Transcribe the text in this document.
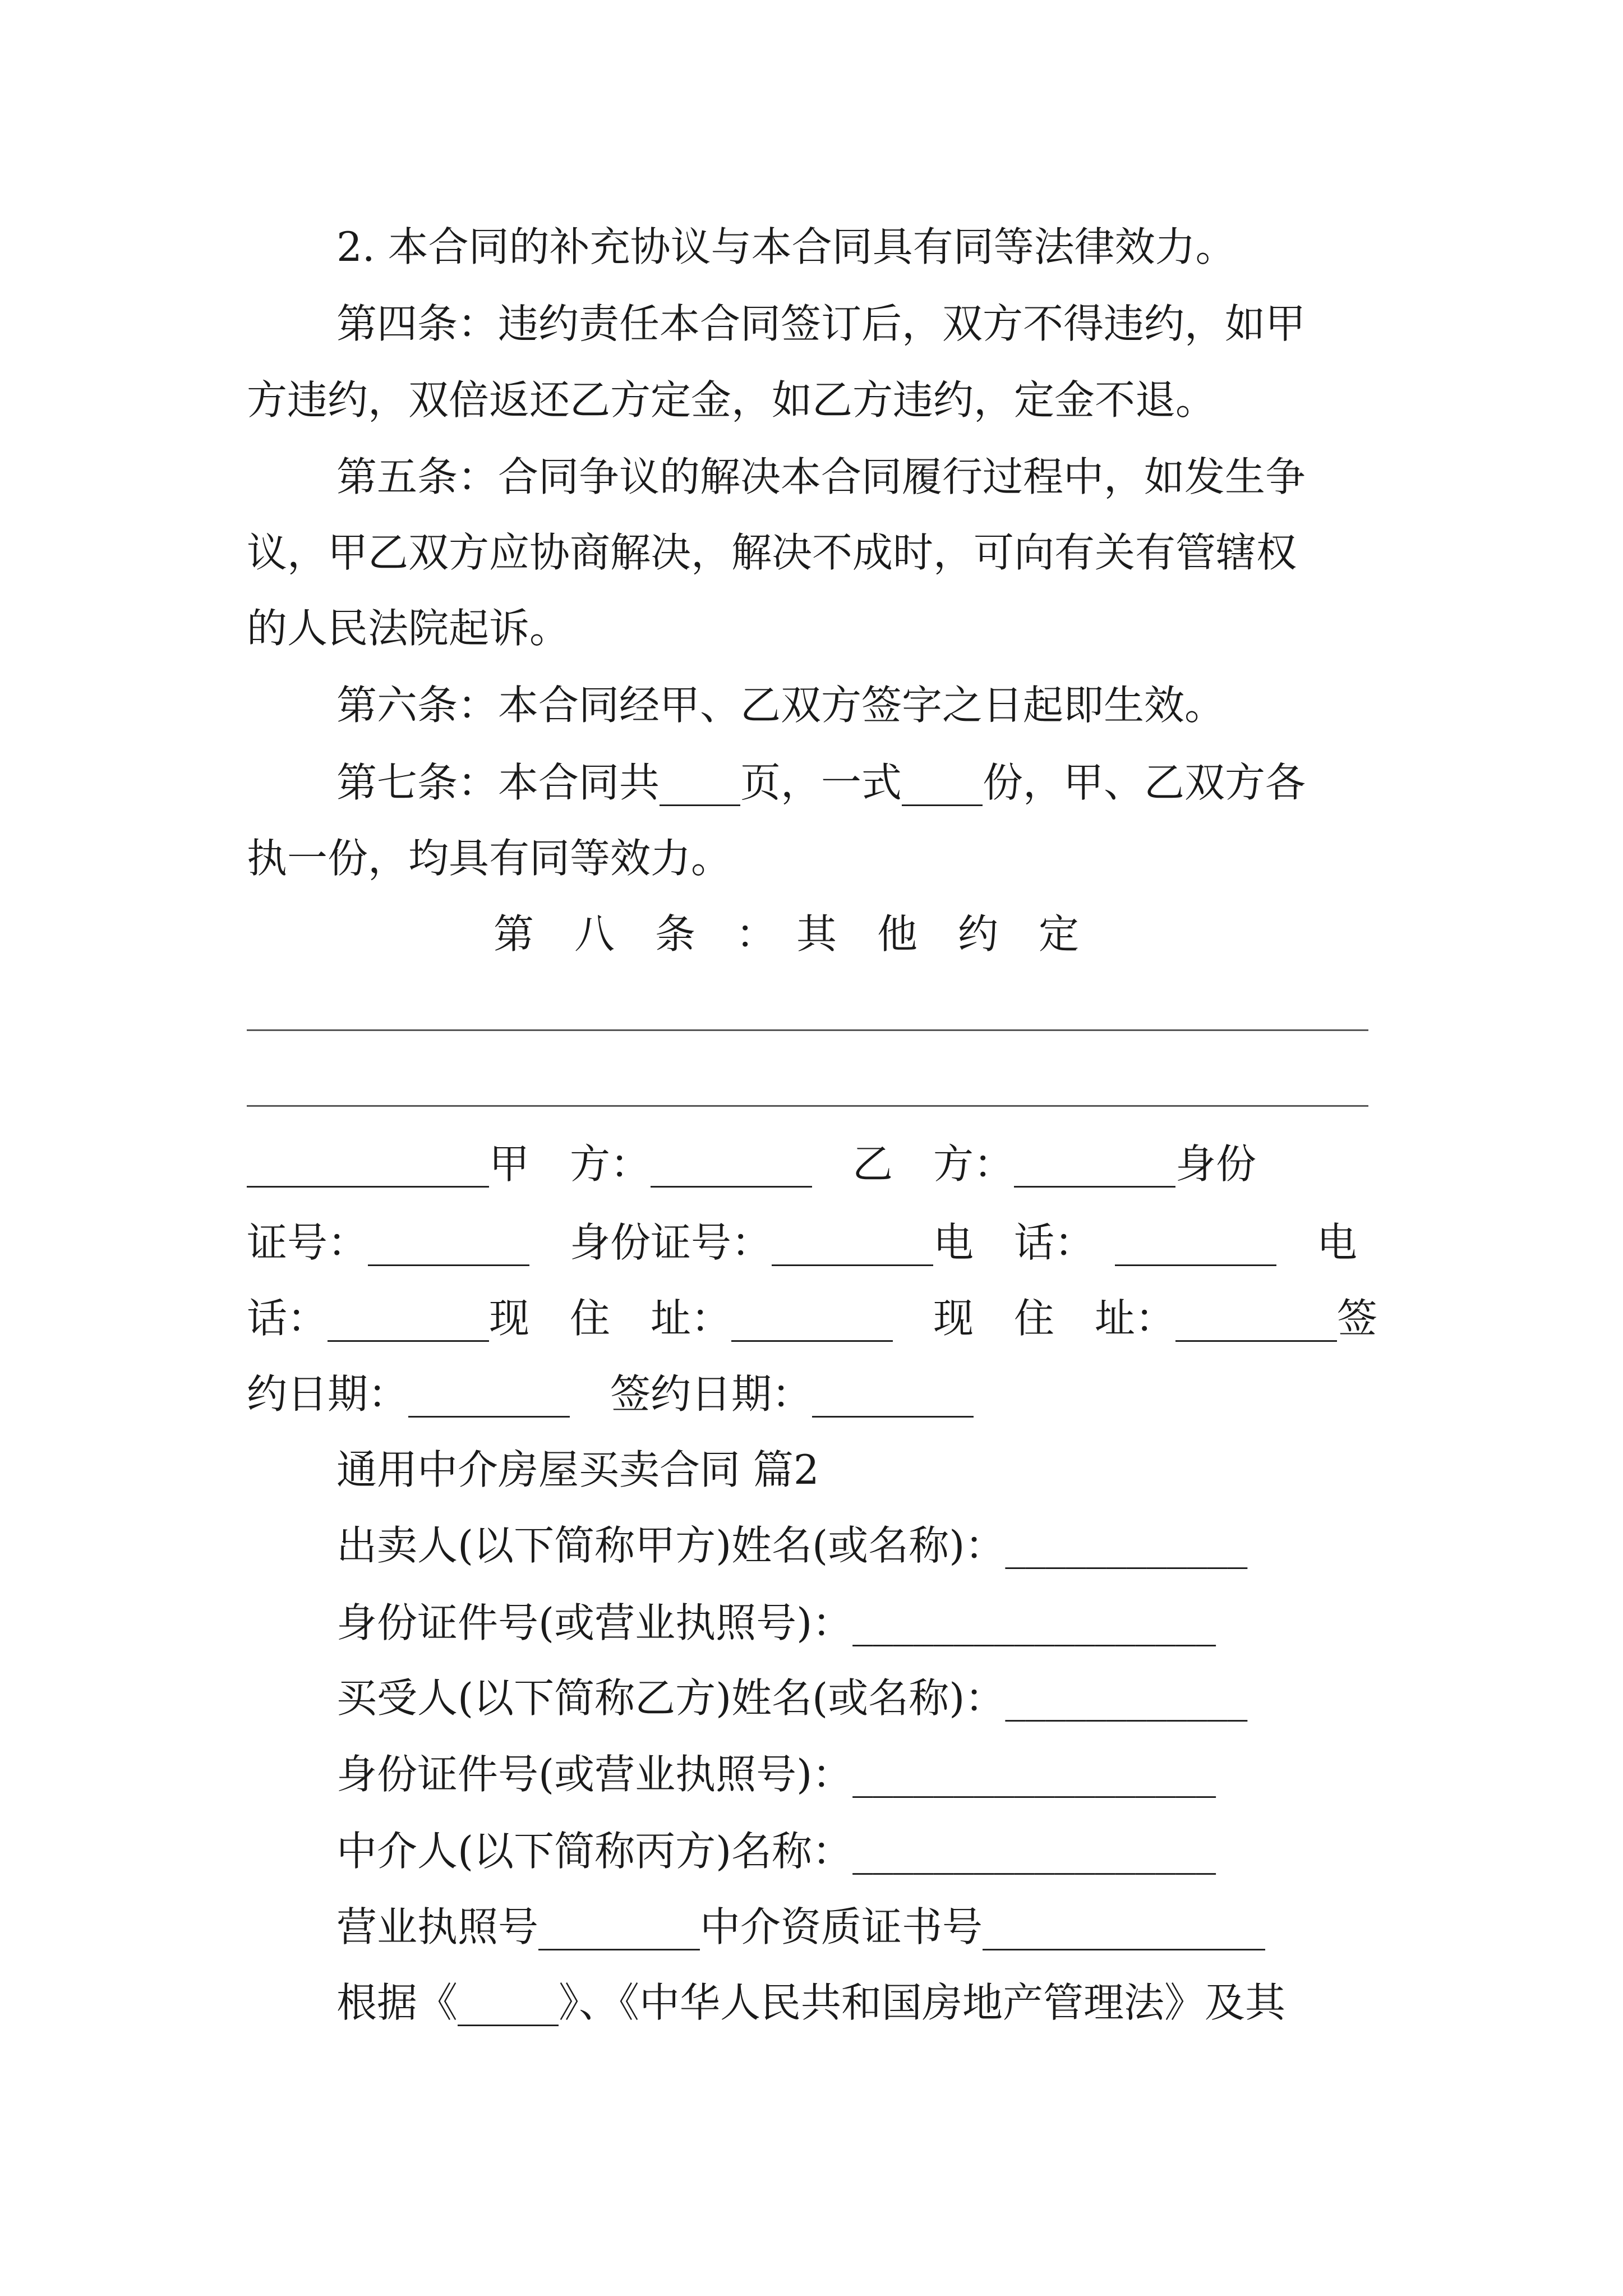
2. 本合同的补充协议与本合同具有同等法律效力。
第四条：违约责任本合同签订后，双方不得违约，如甲
方违约，双倍返还乙方定金，如乙方违约，定金不退。
第五条：合同争议的解决本合同履行过程中，如发生争
议，甲乙双方应协商解决，解决不成时，可向有关有管辖权
的人民法院起诉。
第六条：本合同经甲、乙双方签字之日起即生效。
第七条：本合同共____页，一式____份，甲、乙双方各
执一份，均具有同等效力。
第　八　条　：　其　他　约　定
____________甲　方：________　乙　方：________身份
证号：________　身份证号：________电　话：　________　电
话：________现　住　址：________　现　住　址：________签
约日期：________　签约日期：________
通用中介房屋买卖合同 篇2
出卖人(以下简称甲方)姓名(或名称)：____________
身份证件号(或营业执照号)：__________________
买受人(以下简称乙方)姓名(或名称)：____________
身份证件号(或营业执照号)：__________________
中介人(以下简称丙方)名称：__________________
营业执照号________中介资质证书号______________
根据《_____》、《中华人民共和国房地产管理法》及其
